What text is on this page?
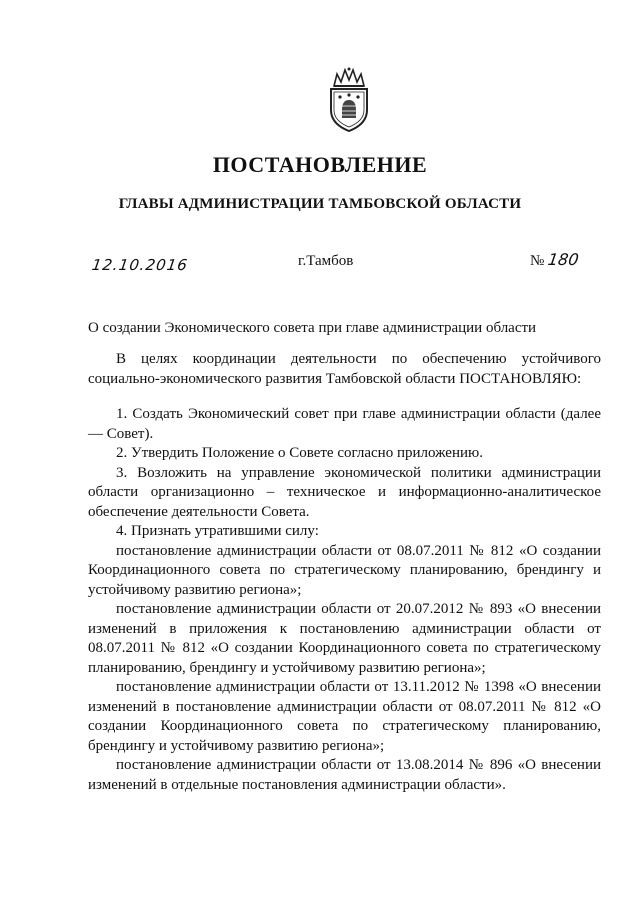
ПОСТАНОВЛЕНИЕ
ГЛАВЫ АДМИНИСТРАЦИИ ТАМБОВСКОЙ ОБЛАСТИ
12.10.2016	г.Тамбов	№ 180
О создании Экономического совета при главе администрации области

В целях координации деятельности по обеспечению устойчивого социально-экономического развития Тамбовской области ПОСТАНОВЛЯЮ:

1. Создать Экономический совет при главе администрации области (далее — Совет).

2. Утвердить Положение о Совете согласно приложению.

3. Возложить на управление экономической политики администрации области организационно – техническое и информационно-аналитическое обеспечение деятельности Совета.

4. Признать утратившими силу:

постановление администрации области от 08.07.2011 № 812 «О создании Координационного совета по стратегическому планированию, брендингу и устойчивому развитию региона»;

постановление администрации области от 20.07.2012 № 893 «О внесении изменений в приложения к постановлению администрации области от 08.07.2011 № 812 «О создании Координационного совета по стратегическому планированию, брендингу и устойчивому развитию региона»;

постановление администрации области от 13.11.2012 № 1398 «О внесении изменений в постановление администрации области от 08.07.2011 № 812 «О создании Координационного совета по стратегическому планированию, брендингу и устойчивому развитию региона»;

постановление администрации области от 13.08.2014 № 896 «О внесении изменений в отдельные постановления администрации области».
